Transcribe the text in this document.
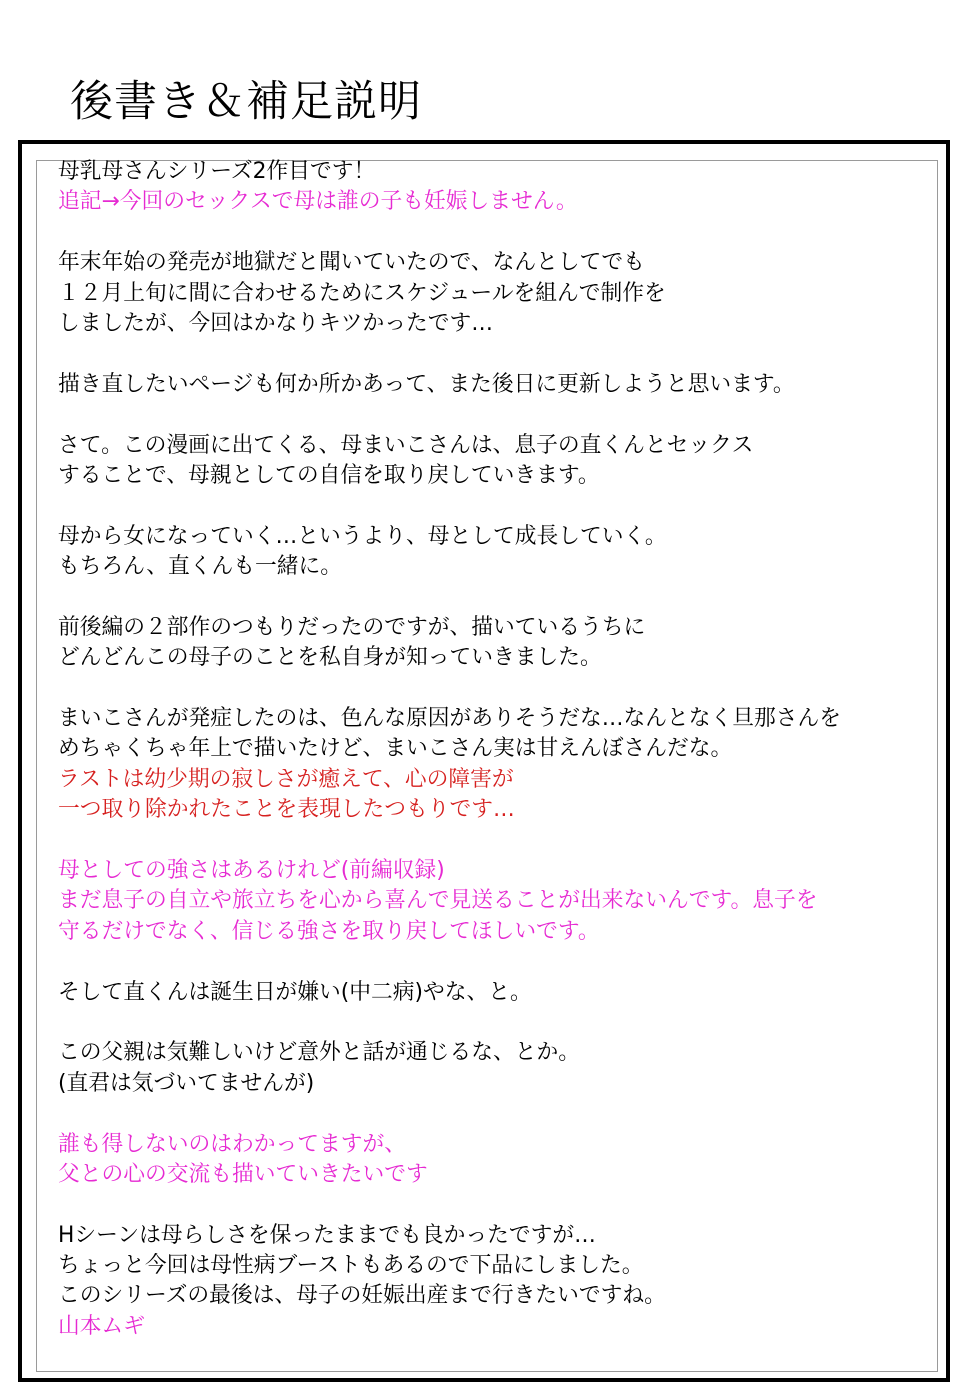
後書き＆補足説明
母乳母さんシリーズ2作目です！
追記→今回のセックスで母は誰の子も妊娠しません。
年末年始の発売が地獄だと聞いていたので、なんとしてでも
１２月上旬に間に合わせるためにスケジュールを組んで制作を
しましたが、今回はかなりキツかったです…
描き直したいページも何か所かあって、また後日に更新しようと思います。
さて。この漫画に出てくる、母まいこさんは、息子の直くんとセックス
することで、母親としての自信を取り戻していきます。
母から女になっていく…というより、母として成長していく。
もちろん、直くんも一緒に。
前後編の２部作のつもりだったのですが、描いているうちに
どんどんこの母子のことを私自身が知っていきました。
まいこさんが発症したのは、色んな原因がありそうだな…なんとなく旦那さんを
めちゃくちゃ年上で描いたけど、まいこさん実は甘えんぼさんだな。
ラストは幼少期の寂しさが癒えて、心の障害が
一つ取り除かれたことを表現したつもりです…
母としての強さはあるけれど(前編収録)
まだ息子の自立や旅立ちを心から喜んで見送ることが出来ないんです。息子を
守るだけでなく、信じる強さを取り戻してほしいです。
そして直くんは誕生日が嫌い(中二病)やな、と。
この父親は気難しいけど意外と話が通じるな、とか。
(直君は気づいてませんが)
誰も得しないのはわかってますが、
父との心の交流も描いていきたいです
Hシーンは母らしさを保ったままでも良かったですが…
ちょっと今回は母性病ブーストもあるので下品にしました。
このシリーズの最後は、母子の妊娠出産まで行きたいですね。
山本ムギ
